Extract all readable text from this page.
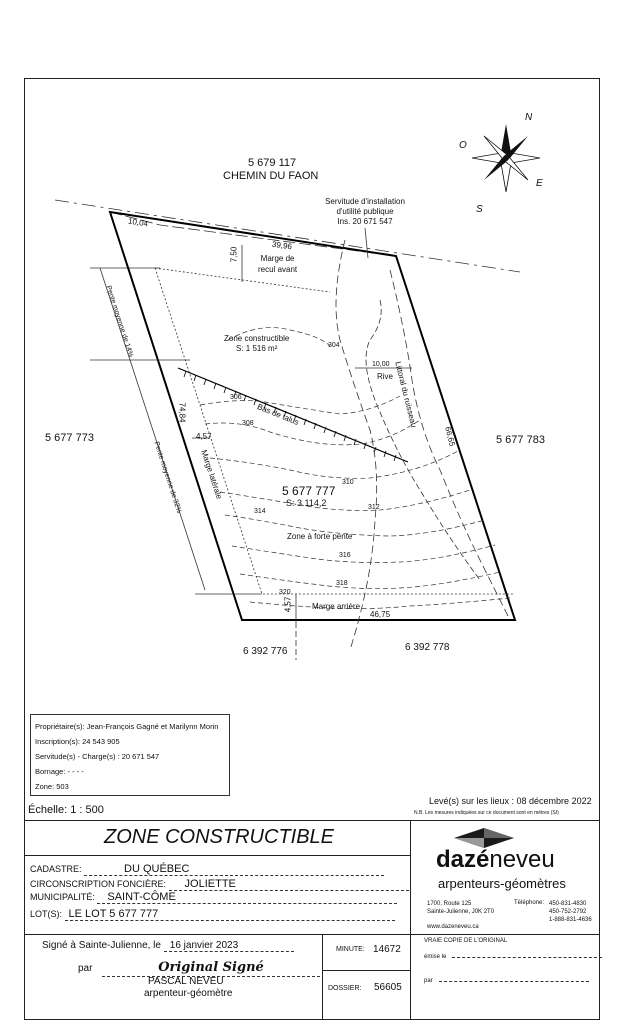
N
E
S
O
5 679 117
CHEMIN DU FAON
Servitude d'installation
d'utilité publique
Ins. 20 671 547
10,04
39,96
7,50	Marge de
recul avant
Zone constructible
S: 1 516 m²	304
10,00
Rive Littoral du ruisseau
66,65
5 677 773	5 677 783
306
Bas de talus
308
74,84
4,57
Marge latérale
Pente moyenne de 14%
Pente moyenne de 32%	5 677 777
S: 3 114,2
310
312
314
Zone à forte pente
316
318
320
4,57 Marge arrière
46,75
6 392 776	6 392 778
Propriétaire(s): Jean-François Gagné et Marilynn Morin
Inscription(s): 24 543 905
Servitude(s) - Charge(s) : 20 671 547
Bornage: - - - -
Zone: 503
Échelle: 1 : 500
Levé(s) sur les lieux : 08 décembre 2022
N.B. Les mesures indiquées sur ce document sont en mètres (SI)
ZONE CONSTRUCTIBLE
CADASTRE:	DU QUÉBEC
CIRCONSCRIPTION FONCIÈRE: JOLIETTE
MUNICIPALITÉ: SAINT-CÔME
LOT(S): LE LOT 5 677 777
dazéneveu
arpenteurs-géomètres
1700, Route 125
Sainte-Julienne, J0K 2T0
Téléphone: 450-831-4830
450-752-2792
1-888-831-4636
www.dazeneveu.ca
Signé à Sainte-Julienne, le 16 janvier 2023
par	Original Signé
PASCAL NEVEU
arpenteur-géomètre
MINUTE: 14672
DOSSIER: 56605
VRAIE COPIE DE L'ORIGINAL
émise le
par
